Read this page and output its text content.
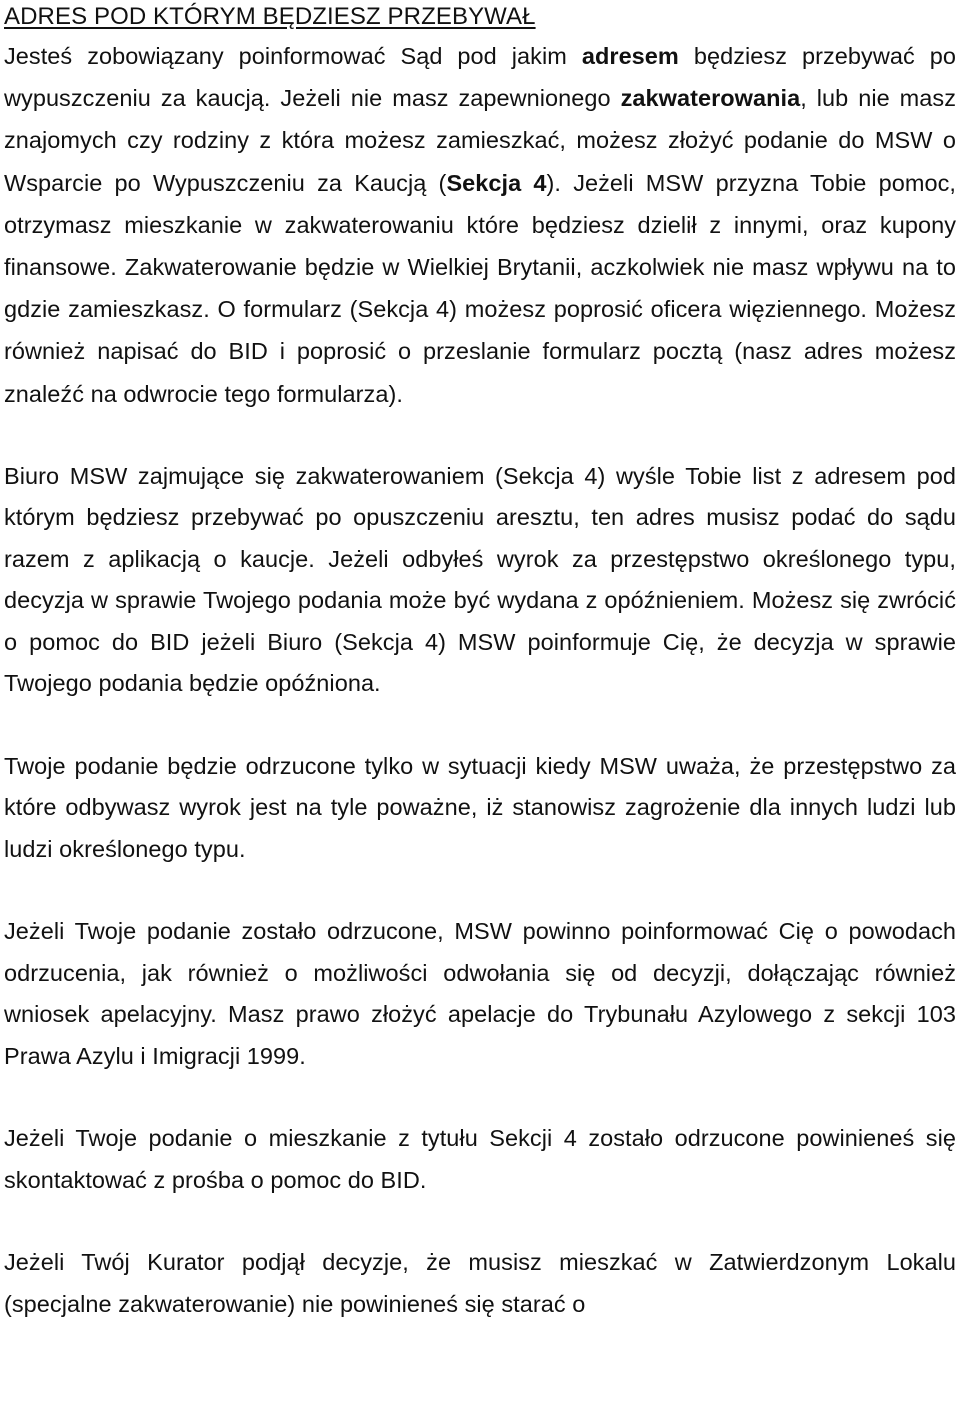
ADRES POD KTÓRYM BĘDZIESZ PRZEBYWAŁ

Jesteś zobowiązany poinformować Sąd pod jakim adresem będziesz przebywać po wypuszczeniu za kaucją. Jeżeli nie masz zapewnionego zakwaterowania, lub nie masz znajomych czy rodziny z która możesz zamieszkać, możesz złożyć podanie do MSW o Wsparcie po Wypuszczeniu za Kaucją (Sekcja 4). Jeżeli MSW przyzna Tobie pomoc, otrzymasz mieszkanie w zakwaterowaniu które będziesz dzielił z innymi, oraz kupony finansowe. Zakwaterowanie będzie w Wielkiej Brytanii, aczkolwiek nie masz wpływu na to gdzie zamieszkasz. O formularz (Sekcja 4) możesz poprosić oficera więziennego. Możesz również napisać do BID i poprosić o przeslanie formularz pocztą (nasz adres możesz znaleźć na odwrocie tego formularza).

Biuro MSW zajmujące się zakwaterowaniem (Sekcja 4) wyśle Tobie list z adresem pod którym będziesz przebywać po opuszczeniu aresztu, ten adres musisz podać do sądu razem z aplikacją o kaucje. Jeżeli odbyłeś wyrok za przestępstwo określonego typu, decyzja w sprawie Twojego podania może być wydana z opóźnieniem. Możesz się zwrócić o pomoc do BID jeżeli Biuro (Sekcja 4) MSW poinformuje Cię, że decyzja w sprawie Twojego podania będzie opóźniona.

Twoje podanie będzie odrzucone tylko w sytuacji kiedy MSW uważa, że przestępstwo za które odbywasz wyrok jest na tyle poważne, iż stanowisz zagrożenie dla innych ludzi lub ludzi określonego typu.

Jeżeli Twoje podanie zostało odrzucone, MSW powinno poinformować Cię o powodach odrzucenia, jak również o możliwości odwołania się od decyzji, dołączając również wniosek apelacyjny. Masz prawo złożyć apelacje do Trybunału Azylowego z sekcji 103 Prawa Azylu i Imigracji 1999.

Jeżeli Twoje podanie o mieszkanie z tytułu Sekcji 4 zostało odrzucone powinieneś się skontaktować z prośba o pomoc do BID.

Jeżeli Twój Kurator podjął decyzje, że musisz mieszkać w Zatwierdzonym Lokalu (specjalne zakwaterowanie) nie powinieneś się starać o
